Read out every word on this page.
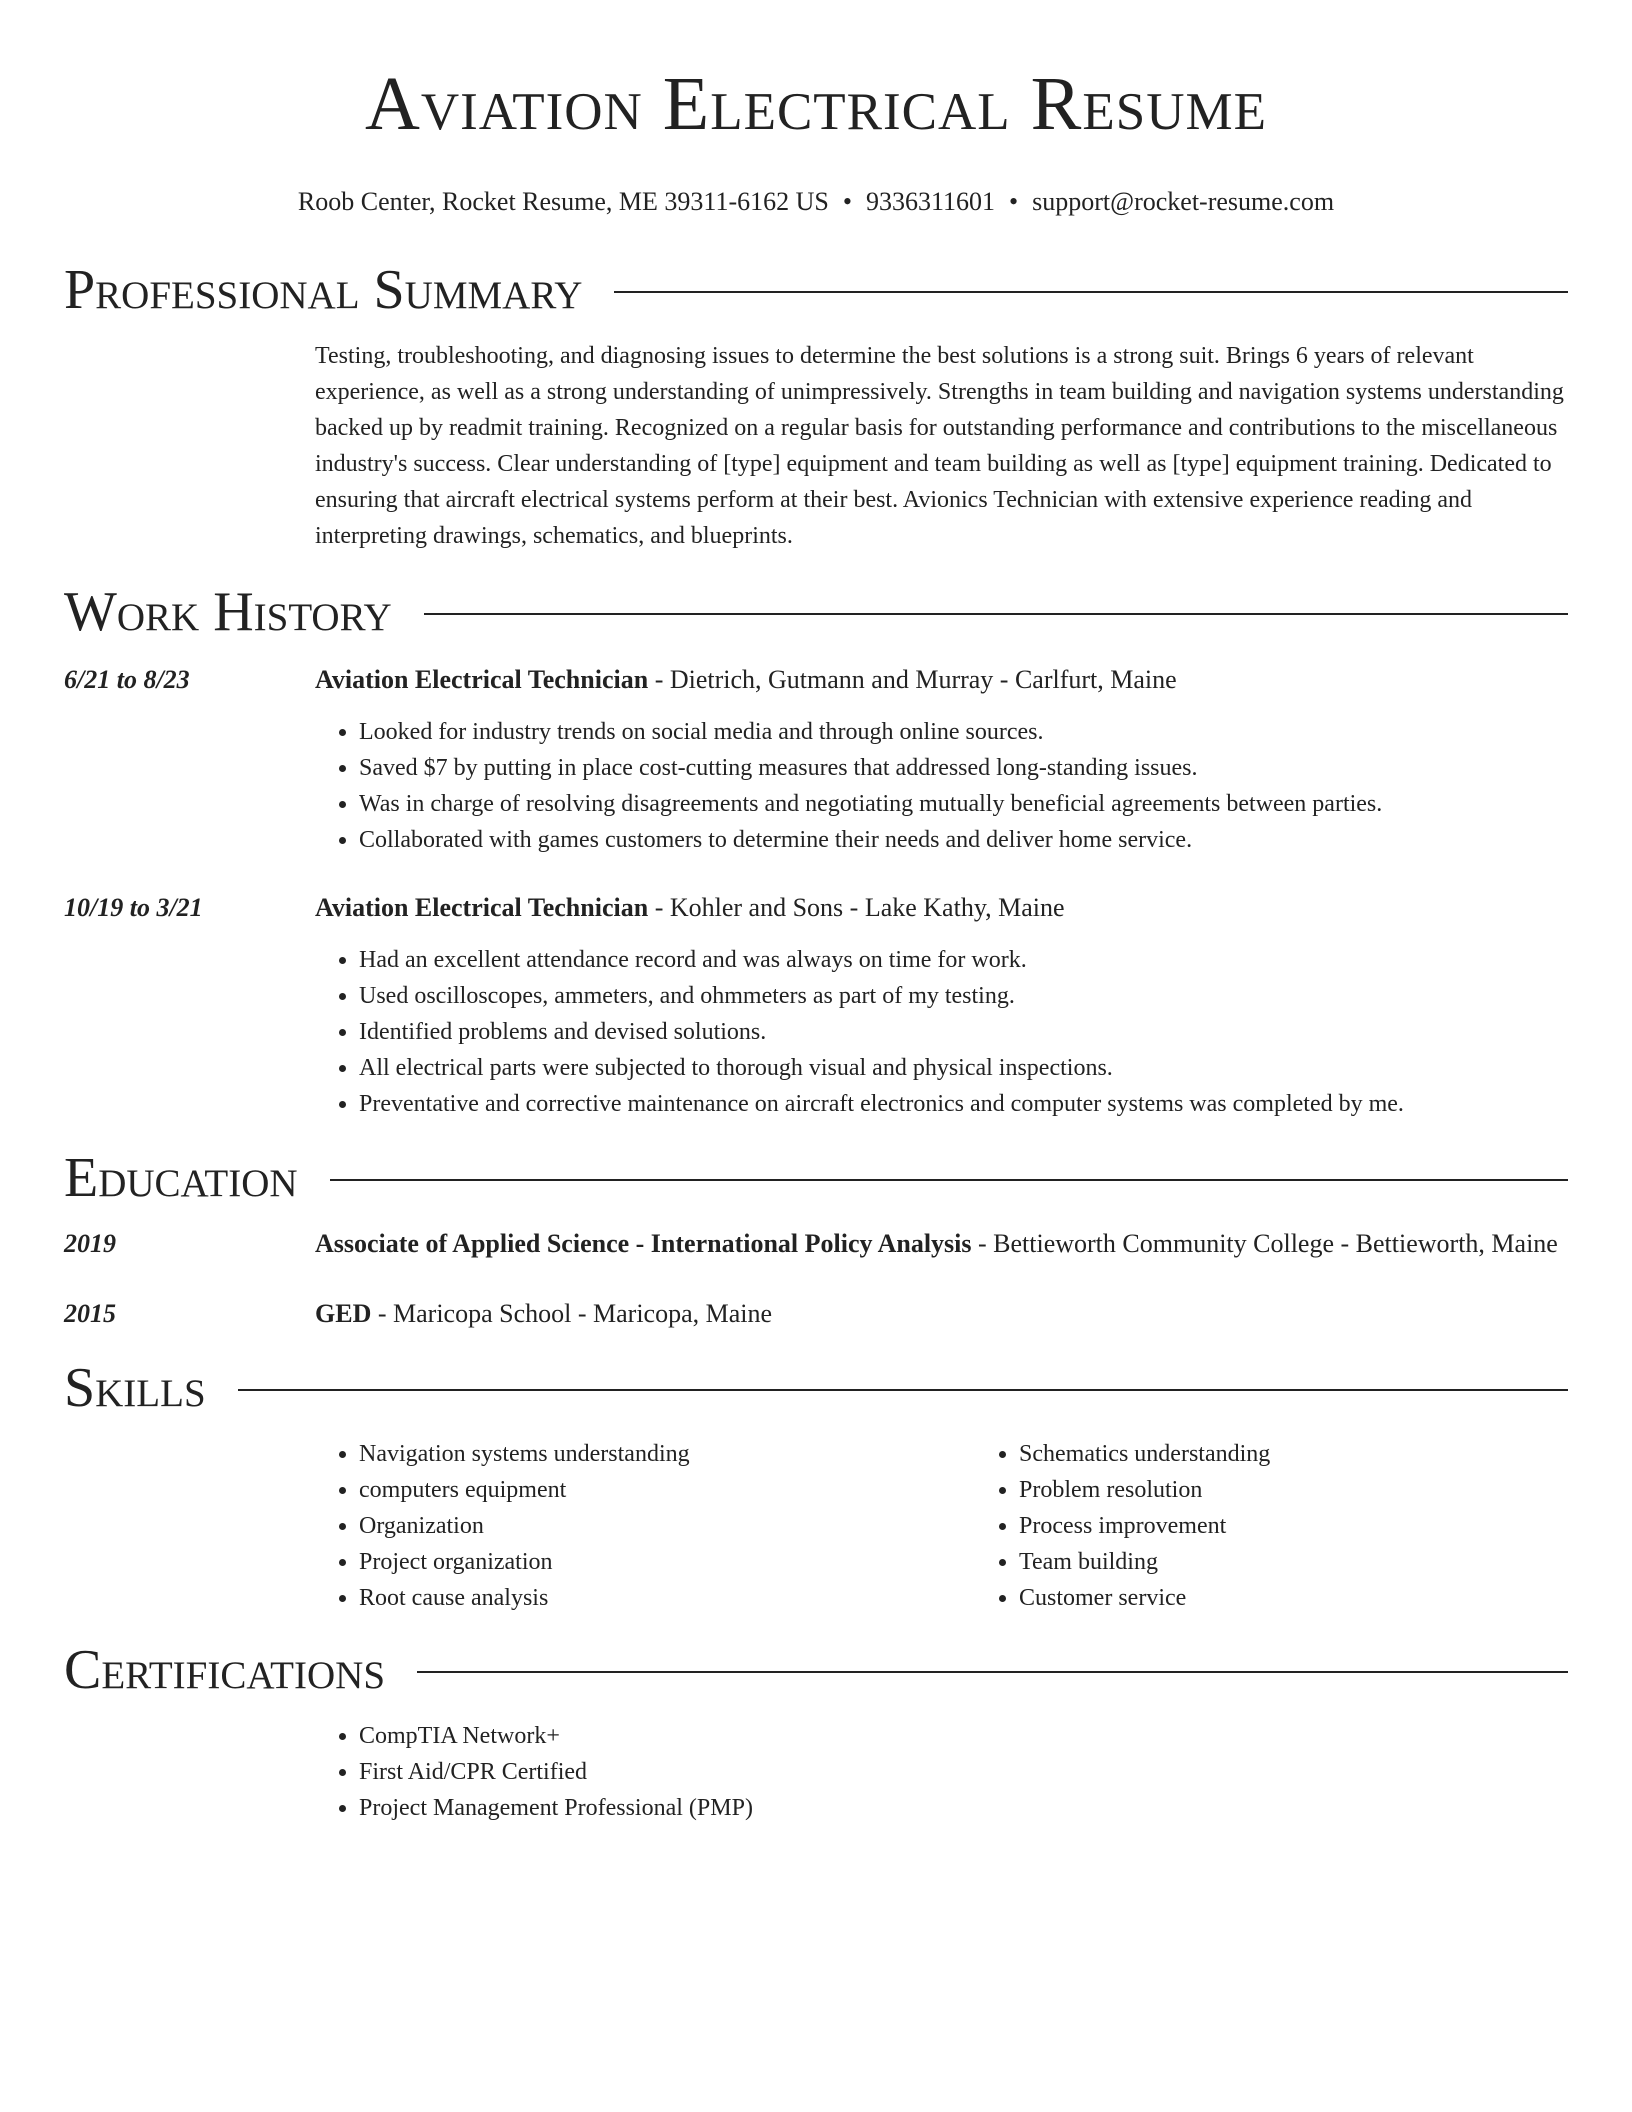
Aviation Electrical Resume
Roob Center, Rocket Resume, ME 39311-6162 US • 9336311601 • support@rocket-resume.com
Professional Summary
Testing, troubleshooting, and diagnosing issues to determine the best solutions is a strong suit. Brings 6 years of relevant experience, as well as a strong understanding of unimpressively. Strengths in team building and navigation systems understanding backed up by readmit training. Recognized on a regular basis for outstanding performance and contributions to the miscellaneous industry's success. Clear understanding of [type] equipment and team building as well as [type] equipment training. Dedicated to ensuring that aircraft electrical systems perform at their best. Avionics Technician with extensive experience reading and interpreting drawings, schematics, and blueprints.
Work History
6/21 to 8/23	Aviation Electrical Technician - Dietrich, Gutmann and Murray - Carlfurt, Maine
• Looked for industry trends on social media and through online sources.
• Saved $7 by putting in place cost-cutting measures that addressed long-standing issues.
• Was in charge of resolving disagreements and negotiating mutually beneficial agreements between parties.
• Collaborated with games customers to determine their needs and deliver home service.
10/19 to 3/21	Aviation Electrical Technician - Kohler and Sons - Lake Kathy, Maine
• Had an excellent attendance record and was always on time for work.
• Used oscilloscopes, ammeters, and ohmmeters as part of my testing.
• Identified problems and devised solutions.
• All electrical parts were subjected to thorough visual and physical inspections.
• Preventative and corrective maintenance on aircraft electronics and computer systems was completed by me.
Education
2019	Associate of Applied Science - International Policy Analysis - Bettieworth Community College - Bettieworth, Maine
2015	GED - Maricopa School - Maricopa, Maine
Skills
• Navigation systems understanding
• computers equipment
• Organization
• Project organization
• Root cause analysis
• Schematics understanding
• Problem resolution
• Process improvement
• Team building
• Customer service
Certifications
• CompTIA Network+
• First Aid/CPR Certified
• Project Management Professional (PMP)
